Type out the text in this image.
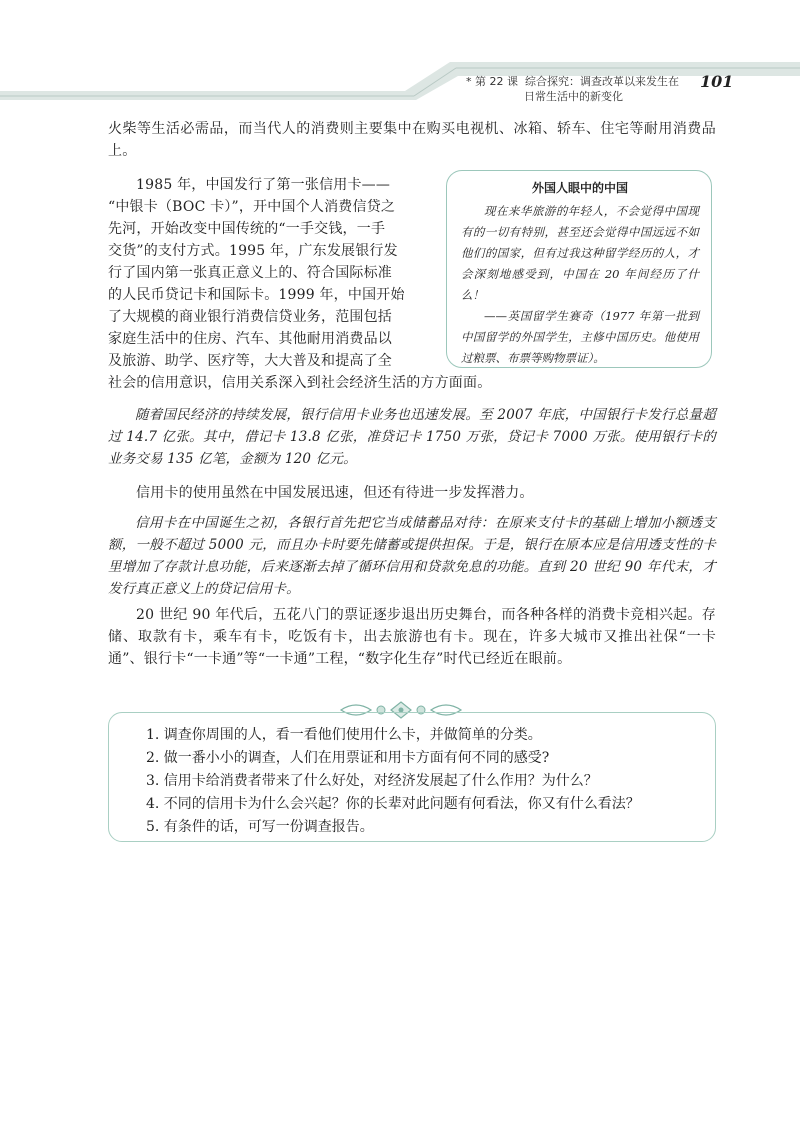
* 第 22 课 综合探究：调查改革以来发生在
日常生活中的新变化
101

火柴等生活必需品，而当代人的消费则主要集中在购买电视机、冰箱、轿车、住宅等耐用消费品上。

1985 年，中国发行了第一张信用卡——
“中银卡（BOC 卡）”，开中国个人消费信贷之
先河，开始改变中国传统的“一手交钱，一手
交货”的支付方式。1995 年，广东发展银行发
行了国内第一张真正意义上的、符合国际标准
的人民币贷记卡和国际卡。1999 年，中国开始
了大规模的商业银行消费信贷业务，范围包括
家庭生活中的住房、汽车、其他耐用消费品以
及旅游、助学、医疗等，大大普及和提高了全

社会的信用意识，信用关系深入到社会经济生活的方方面面。

外国人眼中的中国

现在来华旅游的年轻人，不会觉得中国现有的一切有特别，甚至还会觉得中国远远不如他们的国家，但有过我这种留学经历的人，才会深刻地感受到，中国在 20 年间经历了什么！

——英国留学生赛奇（1977 年第一批到中国留学的外国学生，主修中国历史。他使用过粮票、布票等购物票证）。

随着国民经济的持续发展，银行信用卡业务也迅速发展。至 2007 年底，中国银行卡发行总量超过 14.7 亿张。其中，借记卡 13.8 亿张，准贷记卡 1750 万张，贷记卡 7000 万张。使用银行卡的业务交易 135 亿笔，金额为 120 亿元。

信用卡的使用虽然在中国发展迅速，但还有待进一步发挥潜力。

信用卡在中国诞生之初，各银行首先把它当成储蓄品对待：在原来支付卡的基础上增加小额透支额，一般不超过 5000 元，而且办卡时要先储蓄或提供担保。于是，银行在原本应是信用透支性的卡里增加了存款计息功能，后来逐渐去掉了循环信用和贷款免息的功能。直到 20 世纪 90 年代末，才发行真正意义上的贷记信用卡。

20 世纪 90 年代后，五花八门的票证逐步退出历史舞台，而各种各样的消费卡竞相兴起。存储、取款有卡，乘车有卡，吃饭有卡，出去旅游也有卡。现在，许多大城市又推出社保“一卡通”、银行卡“一卡通”等“一卡通”工程，“数字化生存”时代已经近在眼前。

1. 调查你周围的人，看一看他们使用什么卡，并做简单的分类。
2. 做一番小小的调查，人们在用票证和用卡方面有何不同的感受?
3. 信用卡给消费者带来了什么好处，对经济发展起了什么作用？为什么？
4. 不同的信用卡为什么会兴起？你的长辈对此问题有何看法，你又有什么看法？
5. 有条件的话，可写一份调查报告。
